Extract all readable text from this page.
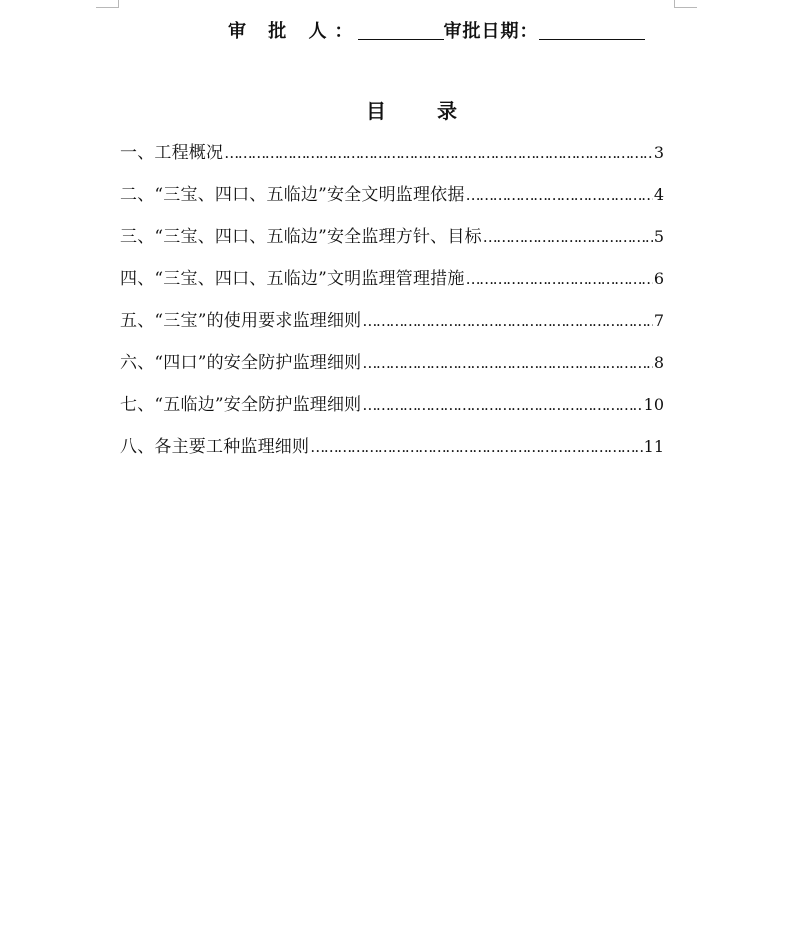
审 批 人：	审批日期：
目 录
一、工程概况 ……………………………………………………………………………………………………………………	3
二、“三宝、四口、五临边”安全文明监理依据 ……………………………………………………………………………………………………………………	4
三、“三宝、四口、五临边”安全监理方针、目标 ……………………………………………………………………………………………………………………	5
四、“三宝、四口、五临边”文明监理管理措施 ……………………………………………………………………………………………………………………	6
五、“三宝”的使用要求监理细则 ……………………………………………………………………………………………………………………	7
六、“四口”的安全防护监理细则 ……………………………………………………………………………………………………………………	8
七、“五临边”安全防护监理细则 ……………………………………………………………………………………………………………………	10
八、各主要工种监理细则 ……………………………………………………………………………………………………………………	11
